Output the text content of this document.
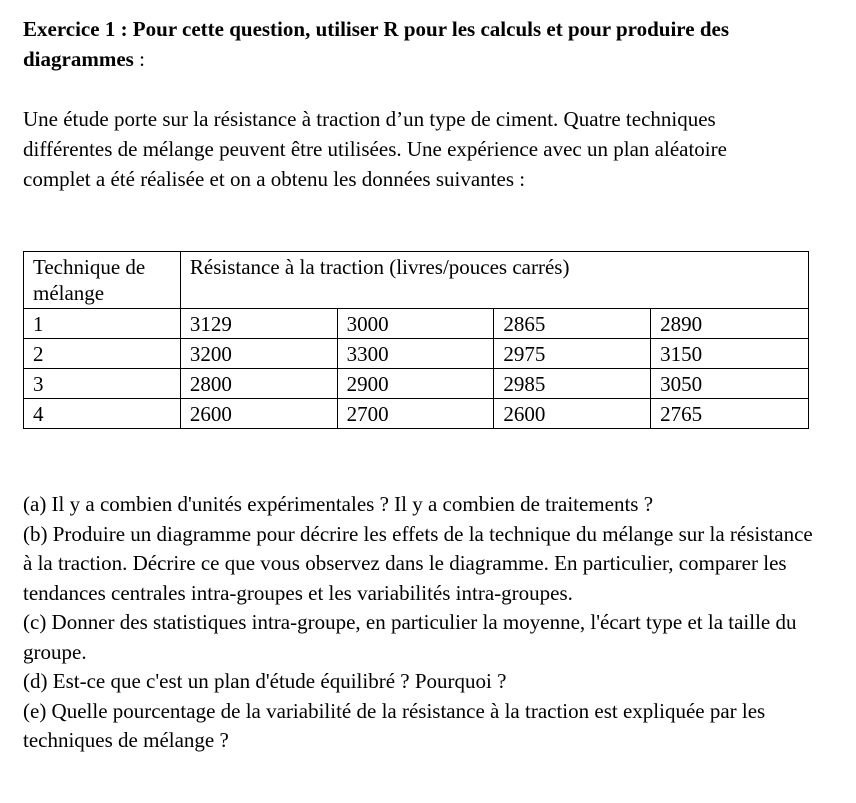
Exercice 1 : Pour cette question, utiliser R pour les calculs et pour produire des diagrammes :

Une étude porte sur la résistance à traction d’un type de ciment. Quatre techniques différentes de mélange peuvent être utilisées. Une expérience avec un plan aléatoire complet a été réalisée et on a obtenu les données suivantes :
Technique de mélange	Résistance à la traction (livres/pouces carrés)			
1	3129	3000	2865	2890
2	3200	3300	2975	3150
3	2800	2900	2985	3050
4	2600	2700	2600	2765

(a) Il y a combien d'unités expérimentales ? Il y a combien de traitements ?

(b) Produire un diagramme pour décrire les effets de la technique du mélange sur la résistance à la traction. Décrire ce que vous observez dans le diagramme. En particulier, comparer les tendances centrales intra-groupes et les variabilités intra-groupes.

(c) Donner des statistiques intra-groupe, en particulier la moyenne, l'écart type et la taille du groupe.

(d) Est-ce que c'est un plan d'étude équilibré ? Pourquoi ?

(e) Quelle pourcentage de la variabilité de la résistance à la traction est expliquée par les techniques de mélange ?
